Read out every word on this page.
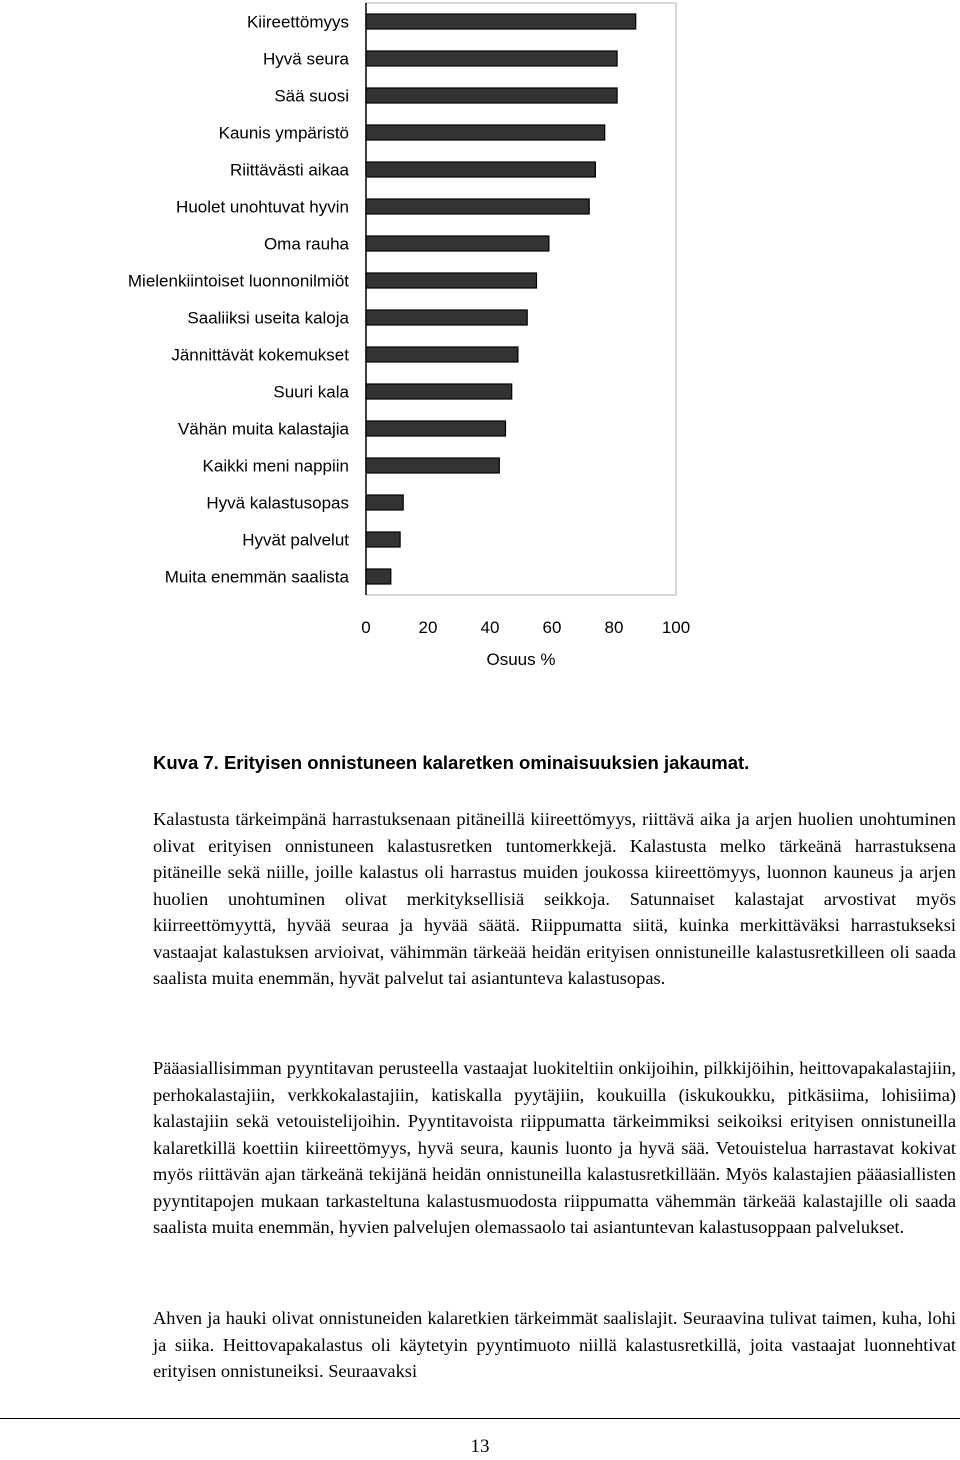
Kiireettömyys
Hyvä seura
Sää suosi
Kaunis ympäristö
Riittävästi aikaa
Huolet unohtuvat hyvin
Oma rauha
Mielenkiintoiset luonnonilmiöt
Saaliiksi useita kaloja
Jännittävät kokemukset
Suuri kala
Vähän muita kalastajia
Kaikki meni nappiin
Hyvä kalastusopas
Hyvät palvelut
Muita enemmän saalista
0	20	40	60	80 100
Osuus %
Kuva 7. Erityisen onnistuneen kalaretken ominaisuuksien jakaumat.

Kalastusta tärkeimpänä harrastuksenaan pitäneillä kiireettömyys, riittävä aika ja arjen huolien unohtuminen olivat erityisen onnistuneen kalastusretken tuntomerkkejä. Kalastusta melko tärkeänä harrastuksena pitäneille sekä niille, joille kalastus oli harrastus muiden joukossa kiireettömyys, luonnon kauneus ja arjen huolien unohtuminen olivat merkityksellisiä seikkoja. Satunnaiset kalastajat arvostivat myös kiirreettömyyttä, hyvää seuraa ja hyvää säätä. Riippumatta siitä, kuinka merkittäväksi harrastukseksi vastaajat kalastuksen arvioivat, vähimmän tärkeää heidän erityisen onnistuneille kalastusretkilleen oli saada saalista muita enemmän, hyvät palvelut tai asiantunteva kalastusopas.

Pääasiallisimman pyyntitavan perusteella vastaajat luokiteltiin onkijoihin, pilkkijöihin, heittovapakalastajiin, perhokalastajiin, verkkokalastajiin, katiskalla pyytäjiin, koukuilla (iskukoukku, pitkäsiima, lohisiima) kalastajiin sekä vetouistelijoihin. Pyyntitavoista riippumatta tärkeimmiksi seikoiksi erityisen onnistuneilla kalaretkillä koettiin kiireettömyys, hyvä seura, kaunis luonto ja hyvä sää. Vetouistelua harrastavat kokivat myös riittävän ajan tärkeänä tekijänä heidän onnistuneilla kalastusretkillään. Myös kalastajien pääasiallisten pyyntitapojen mukaan tarkasteltuna kalastusmuodosta riippumatta vähemmän tärkeää kalastajille oli saada saalista muita enemmän, hyvien palvelujen olemassaolo tai asiantuntevan kalastusoppaan palvelukset.

Ahven ja hauki olivat onnistuneiden kalaretkien tärkeimmät saalislajit. Seuraavina tulivat taimen, kuha, lohi ja siika. Heittovapakalastus oli käytetyin pyyntimuoto niillä kalastusretkillä, joita vastaajat luonnehtivat erityisen onnistuneiksi. Seuraavaksi

13
